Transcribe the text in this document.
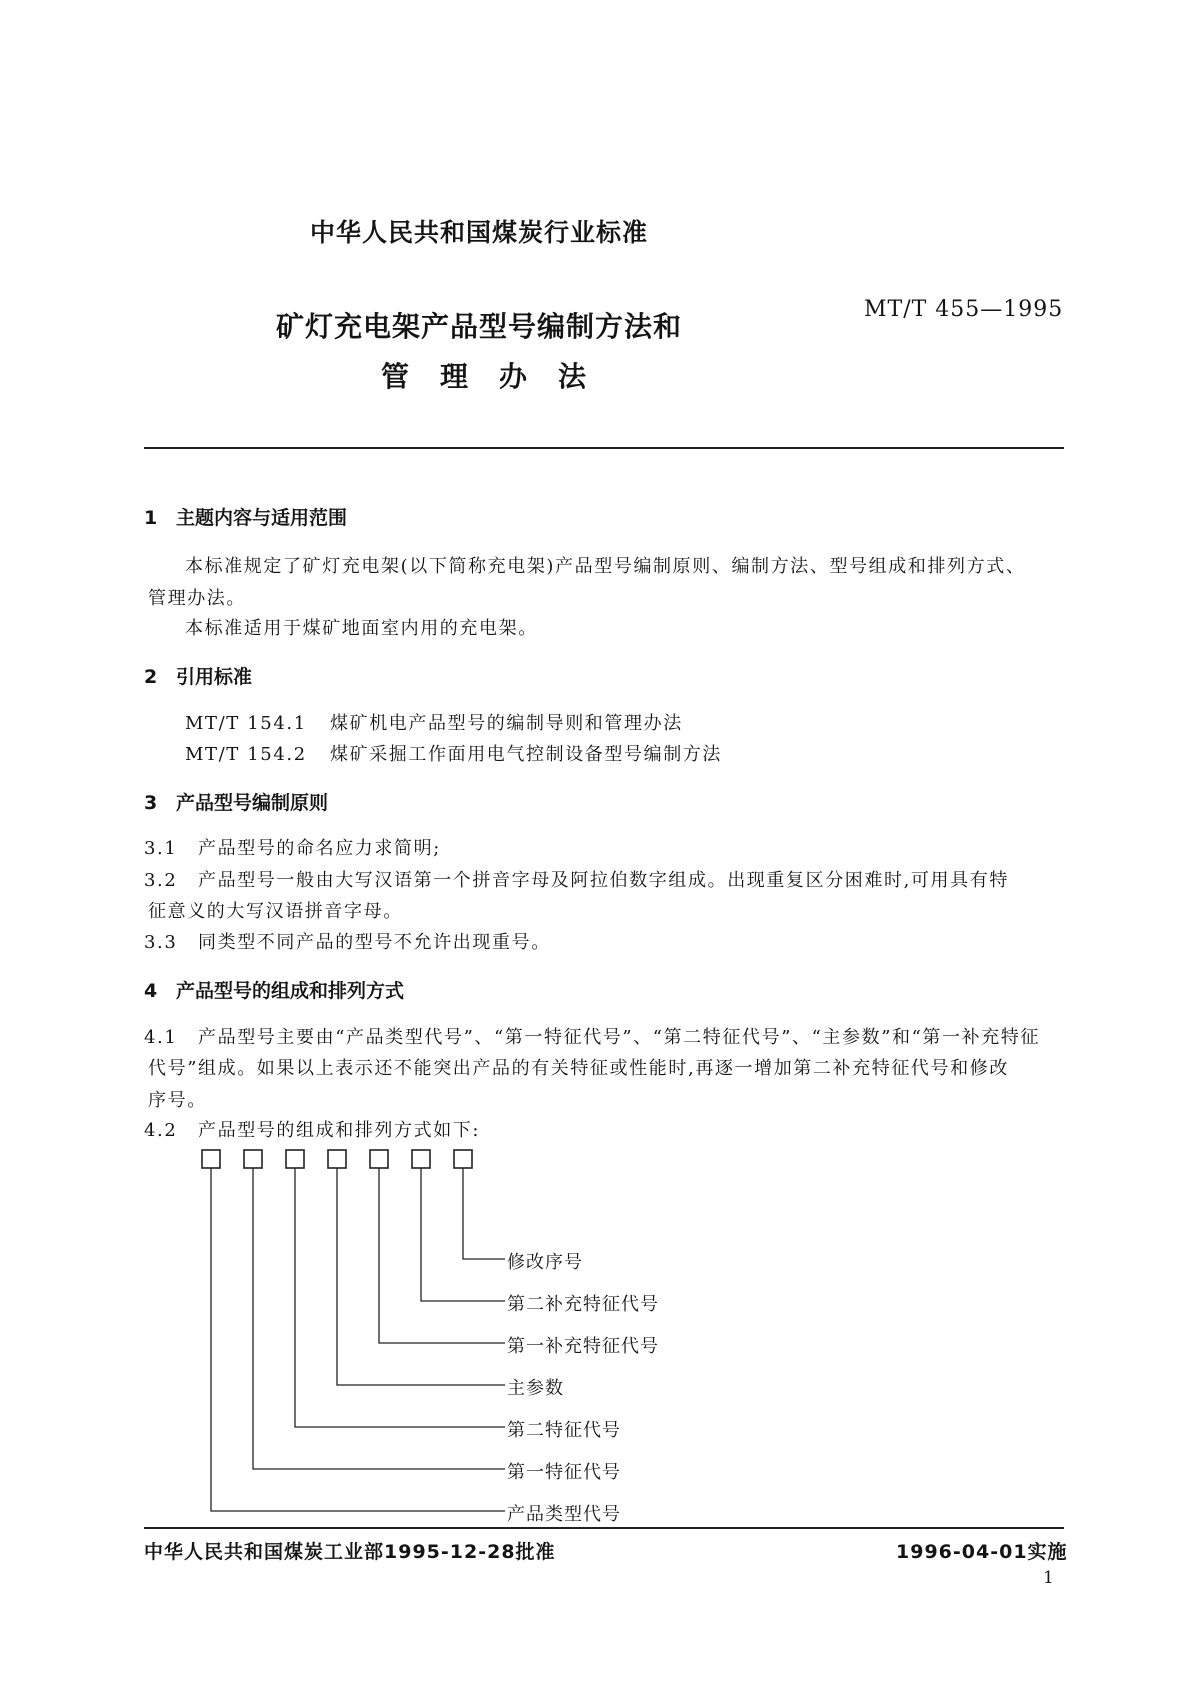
中华人民共和国煤炭行业标准
矿灯充电架产品型号编制方法和
管理办法
MT/T 455—1995
1 主题内容与适用范围
本标准规定了矿灯充电架(以下简称充电架)产品型号编制原则、编制方法、型号组成和排列方式、
管理办法。
本标准适用于煤矿地面室内用的充电架。
2 引用标准
MT/T 154.1 煤矿机电产品型号的编制导则和管理办法
MT/T 154.2 煤矿采掘工作面用电气控制设备型号编制方法
3 产品型号编制原则
3.1 产品型号的命名应力求简明;
3.2 产品型号一般由大写汉语第一个拼音字母及阿拉伯数字组成。出现重复区分困难时,可用具有特
征意义的大写汉语拼音字母。
3.3 同类型不同产品的型号不允许出现重号。
4 产品型号的组成和排列方式
4.1 产品型号主要由“产品类型代号”、“第一特征代号”、“第二特征代号”、“主参数”和“第一补充特征
代号”组成。如果以上表示还不能突出产品的有关特征或性能时,再逐一增加第二补充特征代号和修改
序号。
4.2 产品型号的组成和排列方式如下:
修改序号
第二补充特征代号
第一补充特征代号
主参数
第二特征代号
第一特征代号
产品类型代号
中华人民共和国煤炭工业部1995-12-28批准	1996-04-01实施
1
